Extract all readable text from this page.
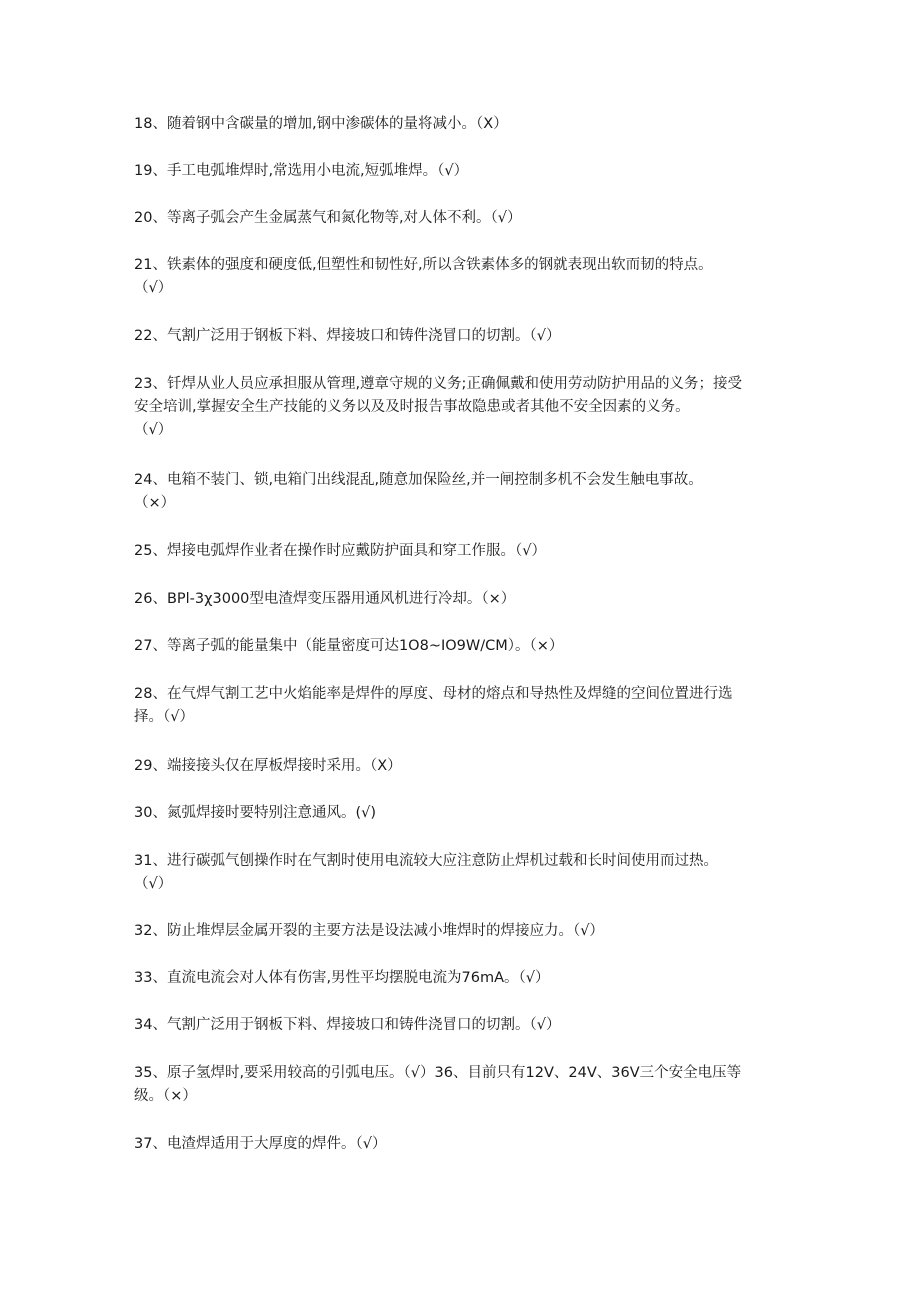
18、随着钢中含碳量的增加,钢中渗碳体的量将减小。（X）
19、手工电弧堆焊时,常选用小电流,短弧堆焊。（√）
20、等离子弧会产生金属蒸气和氮化物等,对人体不利。（√）
21、铁素体的强度和硬度低,但塑性和韧性好,所以含铁素体多的钢就表现出软而韧的特点。
（√）
22、气割广泛用于钢板下料、焊接坡口和铸件浇冒口的切割。（√）
23、钎焊从业人员应承担服从管理,遵章守规的义务;正确佩戴和使用劳动防护用品的义务；接受
安全培训,掌握安全生产技能的义务以及及时报告事故隐患或者其他不安全因素的义务。
（√）
24、电箱不装门、锁,电箱门出线混乱,随意加保险丝,并一闸控制多机不会发生触电事故。
（×）
25、焊接电弧焊作业者在操作时应戴防护面具和穿工作服。（√）
26、BPl-3χ3000型电渣焊变压器用通风机进行冷却。（×）
27、等离子弧的能量集中（能量密度可达1O8~IO9W/CM）。（×）
28、在气焊气割工艺中火焰能率是焊件的厚度、母材的熔点和导热性及焊缝的空间位置进行选
择。（√）
29、端接接头仅在厚板焊接时采用。（X）
30、氮弧焊接时要特别注意通风。(√)
31、进行碳弧气刨操作时在气割时使用电流较大应注意防止焊机过载和长时间使用而过热。
（√）
32、防止堆焊层金属开裂的主要方法是设法减小堆焊时的焊接应力。（√）
33、直流电流会对人体有伤害,男性平均摆脱电流为76mA。（√）
34、气割广泛用于钢板下料、焊接坡口和铸件浇冒口的切割。（√）
35、原子氢焊时,要采用较高的引弧电压。（√）36、目前只有12V、24V、36V三个安全电压等
级。（×）
37、电渣焊适用于大厚度的焊件。（√）
